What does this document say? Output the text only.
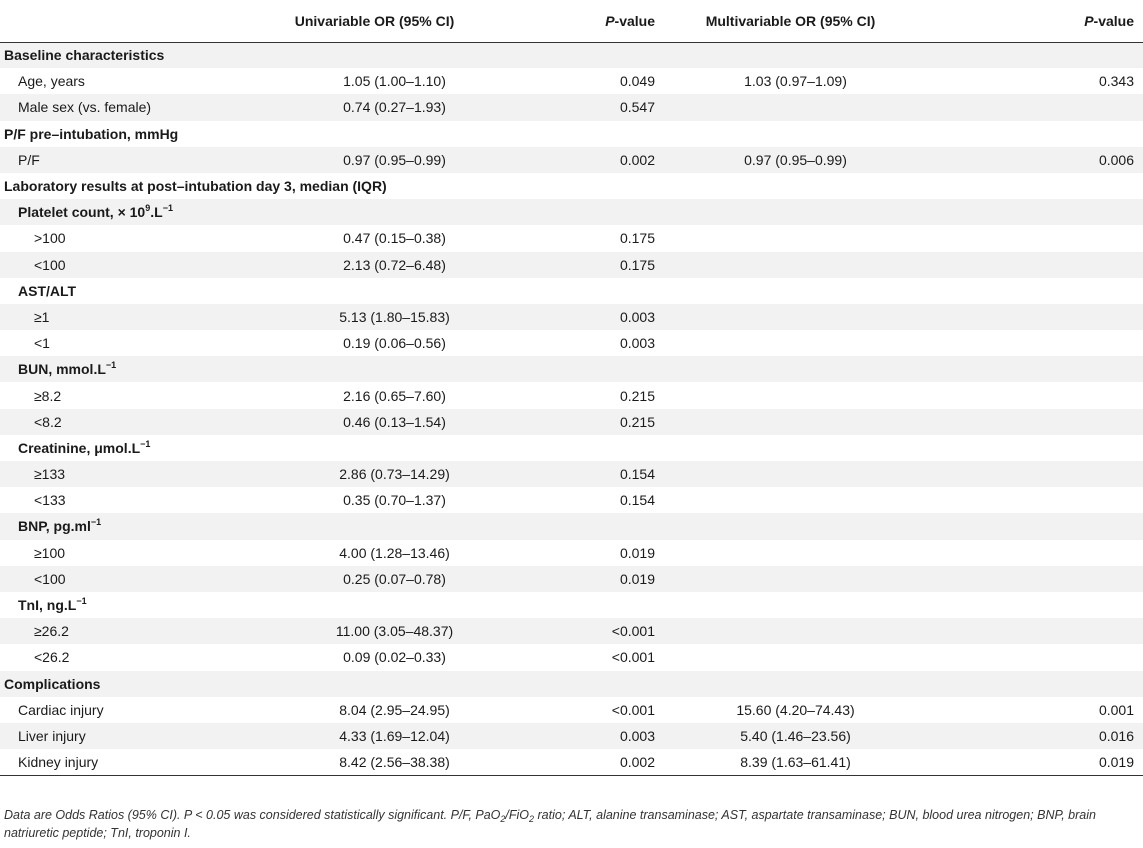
	Univariable OR (95% CI)	P-value	Multivariable OR (95% CI)	P-value
Baseline characteristics				
Age, years	1.05 (1.00–1.10)	0.049	1.03 (0.97–1.09)	0.343
Male sex (vs. female)	0.74 (0.27–1.93)	0.547		
P/F pre–intubation, mmHg				
P/F	0.97 (0.95–0.99)	0.002	0.97 (0.95–0.99)	0.006
Laboratory results at post–intubation day 3, median (IQR)				
Platelet count, × $10^9.L^{-1}$
>100	0.47 (0.15–0.38)	0.175		
<100	2.13 (0.72–6.48)	0.175		
AST/ALT				
≥1	5.13 (1.80–15.83)	0.003		
<1	0.19 (0.06–0.56)	0.003		
BUN, $mmol.L^{-1}$
≥8.2	2.16 (0.65–7.60)	0.215		
<8.2	0.46 (0.13–1.54)	0.215		
Creatinine, $\mu mol.L^{-1}$
≥133	2.86 (0.73–14.29)	0.154		
<133	0.35 (0.70–1.37)	0.154		
BNP, $pg.ml^{-1}$
≥100	4.00 (1.28–13.46)	0.019		
<100	0.25 (0.07–0.78)	0.019		
TnI, $ng.L^{-1}$
≥26.2	11.00 (3.05–48.37)	<0.001		
<26.2	0.09 (0.02–0.33)	<0.001		
Complications				
Cardiac injury	8.04 (2.95–24.95)	<0.001	15.60 (4.20–74.43)	0.001
Liver injury	4.33 (1.69–12.04)	0.003	5.40 (1.46–23.56)	0.016
Kidney injury	8.42 (2.56–38.38)	0.002	8.39 (1.63–61.41)	0.019
Data are Odds Ratios (95% CI). P < 0.05 was considered statistically significant. P/F, PaO$_2$/FiO$_2$ ratio; ALT, alanine transaminase; AST, aspartate transaminase; BUN, blood urea nitrogen; BNP, brain natriuretic peptide; TnI, troponin I.
